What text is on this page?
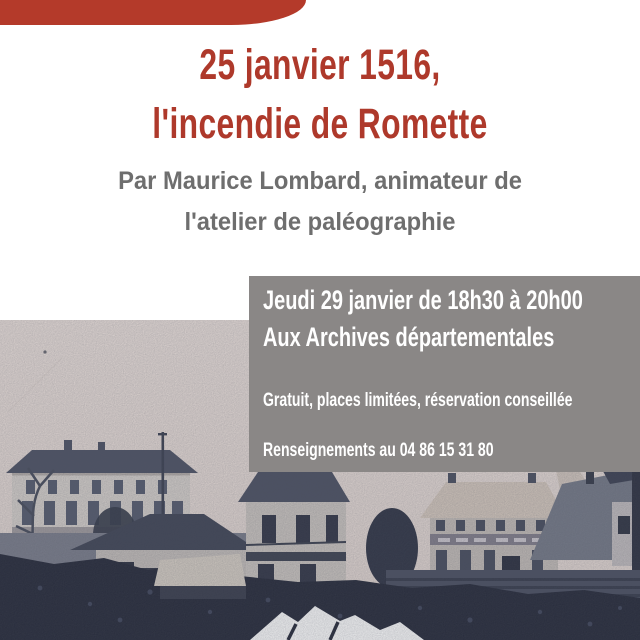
25 janvier 1516,
l'incendie de Romette

Par Maurice Lombard, animateur de
l'atelier de paléographie

Jeudi 29 janvier de 18h30 à 20h00
Aux Archives départementales
Gratuit, places limitées, réservation conseillée
Renseignements au 04 86 15 31 80
